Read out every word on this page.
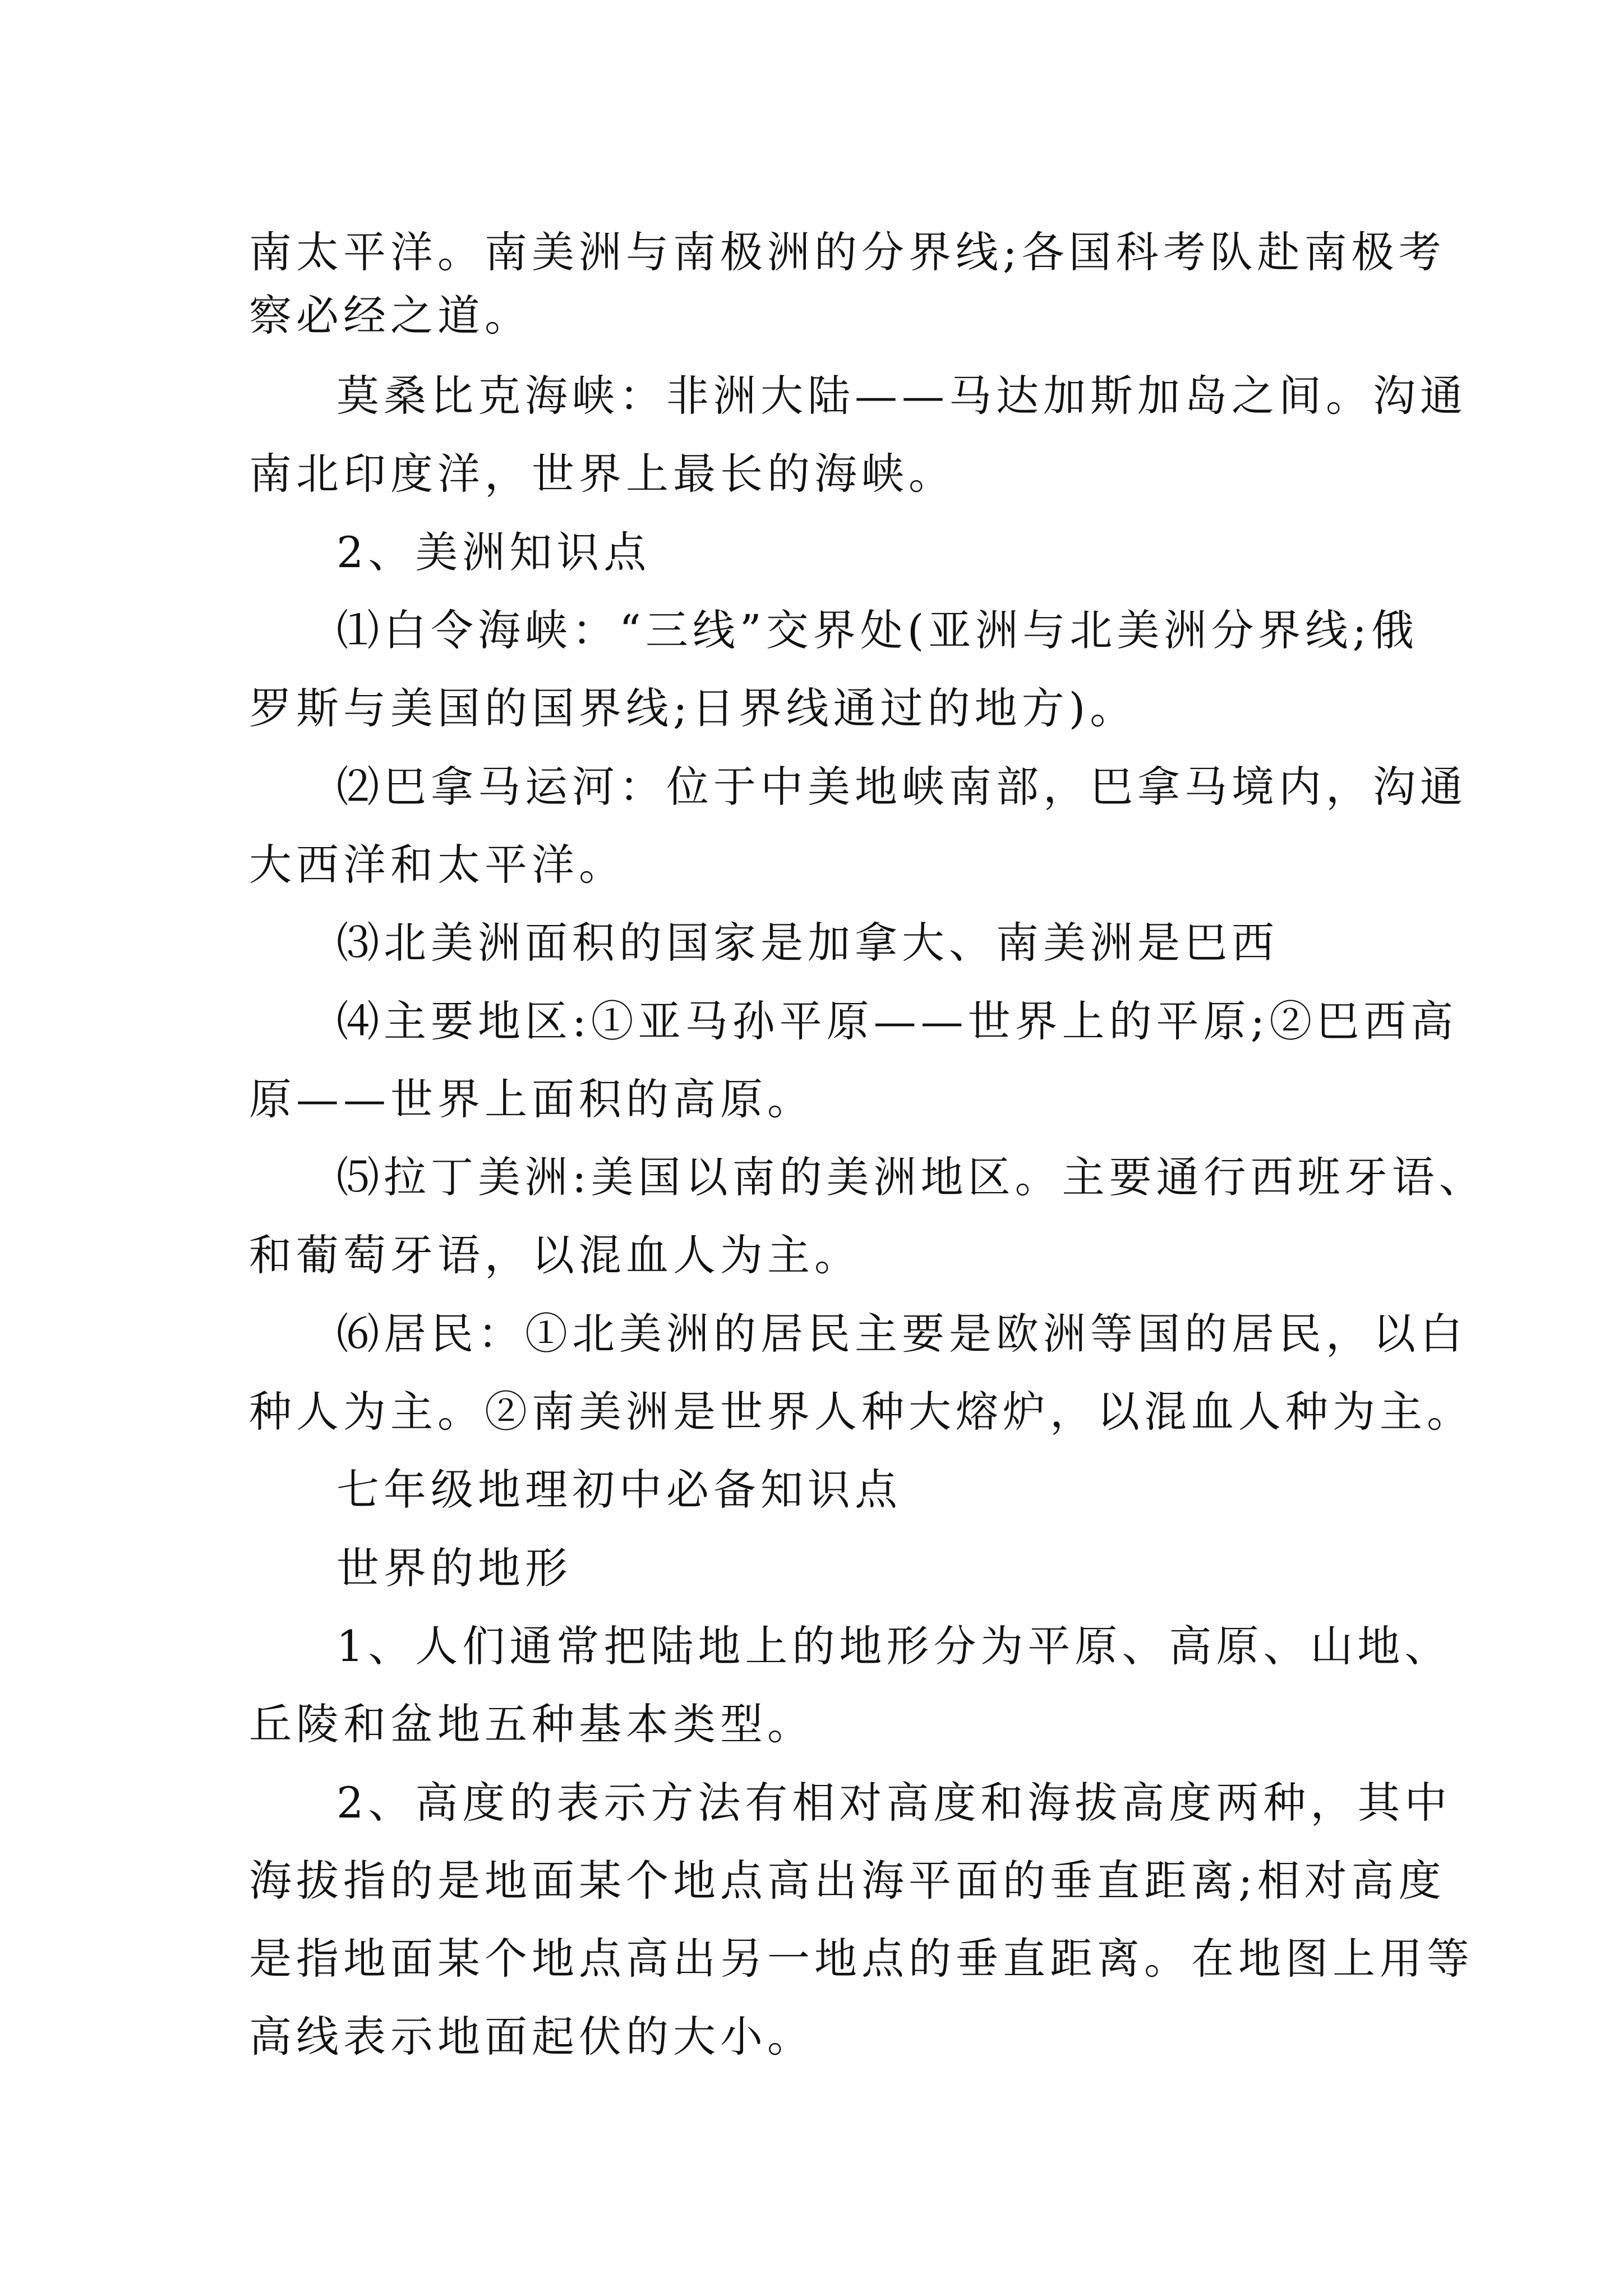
南太平洋。南美洲与南极洲的分界线;各国科考队赴南极考
察必经之道。
莫桑比克海峡：非洲大陆——马达加斯加岛之间。沟通
南北印度洋，世界上最长的海峡。
2、美洲知识点
⑴白令海峡：“三线”交界处(亚洲与北美洲分界线;俄
罗斯与美国的国界线;日界线通过的地方)。
⑵巴拿马运河：位于中美地峡南部，巴拿马境内，沟通
大西洋和太平洋。
⑶北美洲面积的国家是加拿大、南美洲是巴西
⑷主要地区:①亚马孙平原——世界上的平原;②巴西高
原——世界上面积的高原。
⑸拉丁美洲:美国以南的美洲地区。主要通行西班牙语、
和葡萄牙语，以混血人为主。
⑹居民：①北美洲的居民主要是欧洲等国的居民，以白
种人为主。②南美洲是世界人种大熔炉，以混血人种为主。
七年级地理初中必备知识点
世界的地形
1、人们通常把陆地上的地形分为平原、高原、山地、
丘陵和盆地五种基本类型。
2、高度的表示方法有相对高度和海拔高度两种，其中
海拔指的是地面某个地点高出海平面的垂直距离;相对高度
是指地面某个地点高出另一地点的垂直距离。在地图上用等
高线表示地面起伏的大小。
